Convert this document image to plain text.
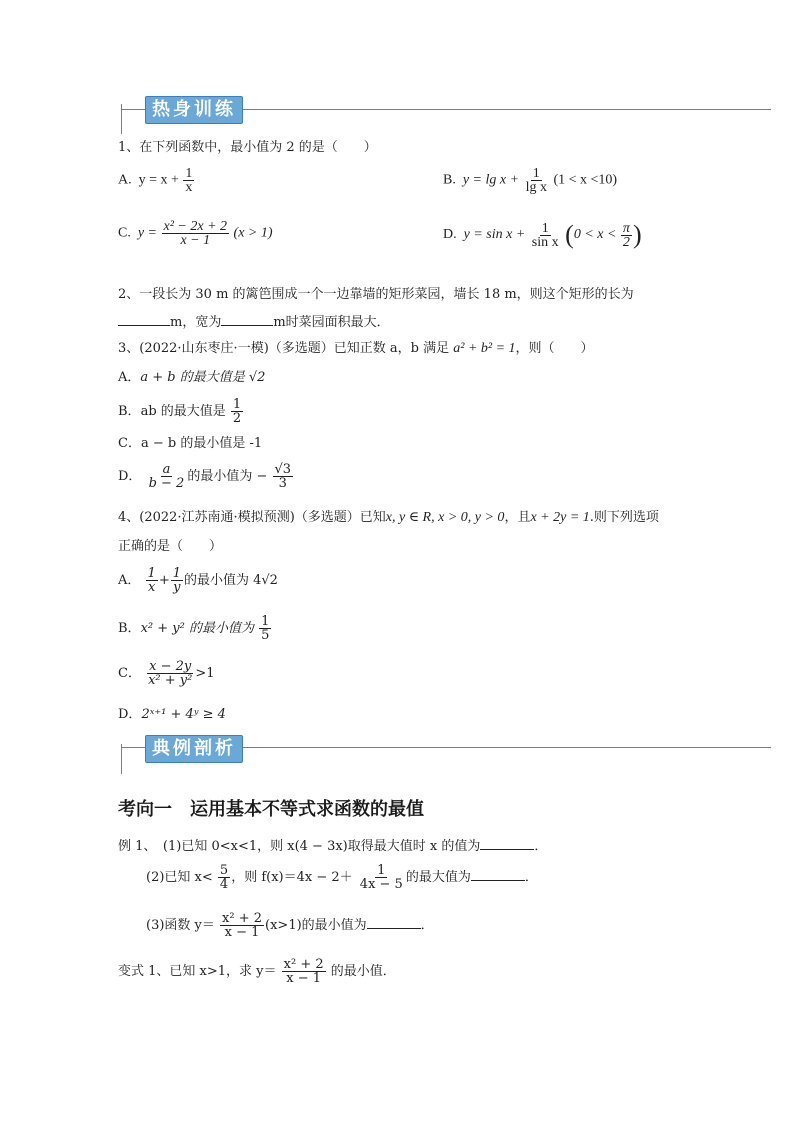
热身训练
1、在下列函数中，最小值为 2 的是（　　）
A. $y = x + \frac{1}{x}$	B. $y = \lg x + \frac{1}{\text{lg x}} (1 < x <10)$
C. $y = \frac{\text{x² − 2x + 2}}{x - 1} (x > 1)$	D. $y = \sin x + \frac{1}{\text{sin x}} (0 < x < \frac{\pi}{2}$ )
2、一段长为 30 m 的篱笆围成一个一边靠墙的矩形菜园，墙长 18 m，则这个矩形的长为
m，宽为	m时菜园面积最大．
3、(2022·山东枣庄·一模)（多选题）已知正数 a，b 满足 a² + b² = 1，则（　　）
A．a + b 的最大值是 √2
B．ab 的最大值是 $\frac{1}{2}$
C．a − b 的最小值是 -1
D． $\frac{a}{b - 2}$ 的最小值为 − $\frac{√3}{3}$
4、(2022·江苏南通·模拟预测)（多选题）已知x, y ∈ R, x > 0, y > 0，且x + 2y = 1.则下列选项
正确的是（　　）
A． $\frac{1}{x} + \frac{1}{y}$ 的最小值为 4√2
B．x² + y² 的最小值为 $\frac{1}{5}$
C． $\frac{x - 2y}{\text{x² + y²}} >1$
D．2ˣ⁺¹ + 4ʸ ≥ 4
典例剖析
考向一　运用基本不等式求函数的最值
例 1、　(1)已知 0<x<1，则 x(4 − 3x)取得最大值时 x 的值为	．
(2)已知 $x< \frac{5}{4}$ ，则 $f(x)=4x - 2+ \frac{1}{4x - 5}$ 的最大值为	．
(3)函数 $y= \frac{\text{x² + 2}}{x - 1} (x>1)$的最小值为	．
变式 1、已知 x>1，求 $y= \frac{\text{x² + 2}}{x - 1}$ 的最小值．
